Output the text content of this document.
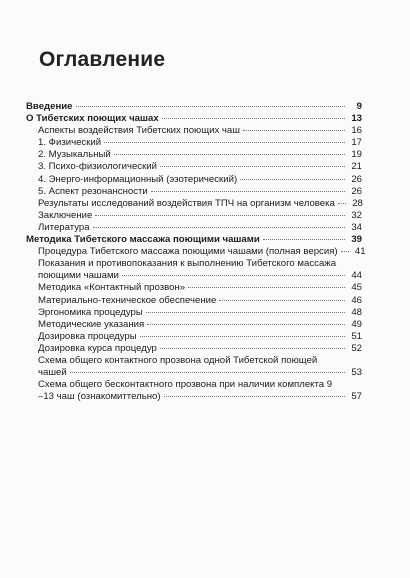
Оглавление
Введение	9
О Тибетских поющих чашах	13
Аспекты воздействия Тибетских поющих чаш	16
1. Физический	17
2. Музыкальный	19
3. Психо-физиологический	21
4. Энерго-информационный (эзотерический)	26
5. Аспект резонансности	26
Результаты исследований воздействия ТПЧ на организм человека	28
Заключение	32
Литература	34
Методика Тибетского массажа поющими чашами	39
Процедура Тибетского массажа поющими чашами (полная версия)	41
Показания и противопоказания к выполнению Тибетского массажа
поющими чашами	44
Методика «Контактный прозвон»	45
Материально-техническое обеспечение	46
Эргономика процедуры	48
Методические указания	49
Дозировка процедуры	51
Дозировка курса процедур	52
Схема общего контактного прозвона одной Тибетской поющей
чашей	53
Схема общего бесконтактного прозвона при наличии комплекта 9
–13 чаш (ознакомиттельно)	57
